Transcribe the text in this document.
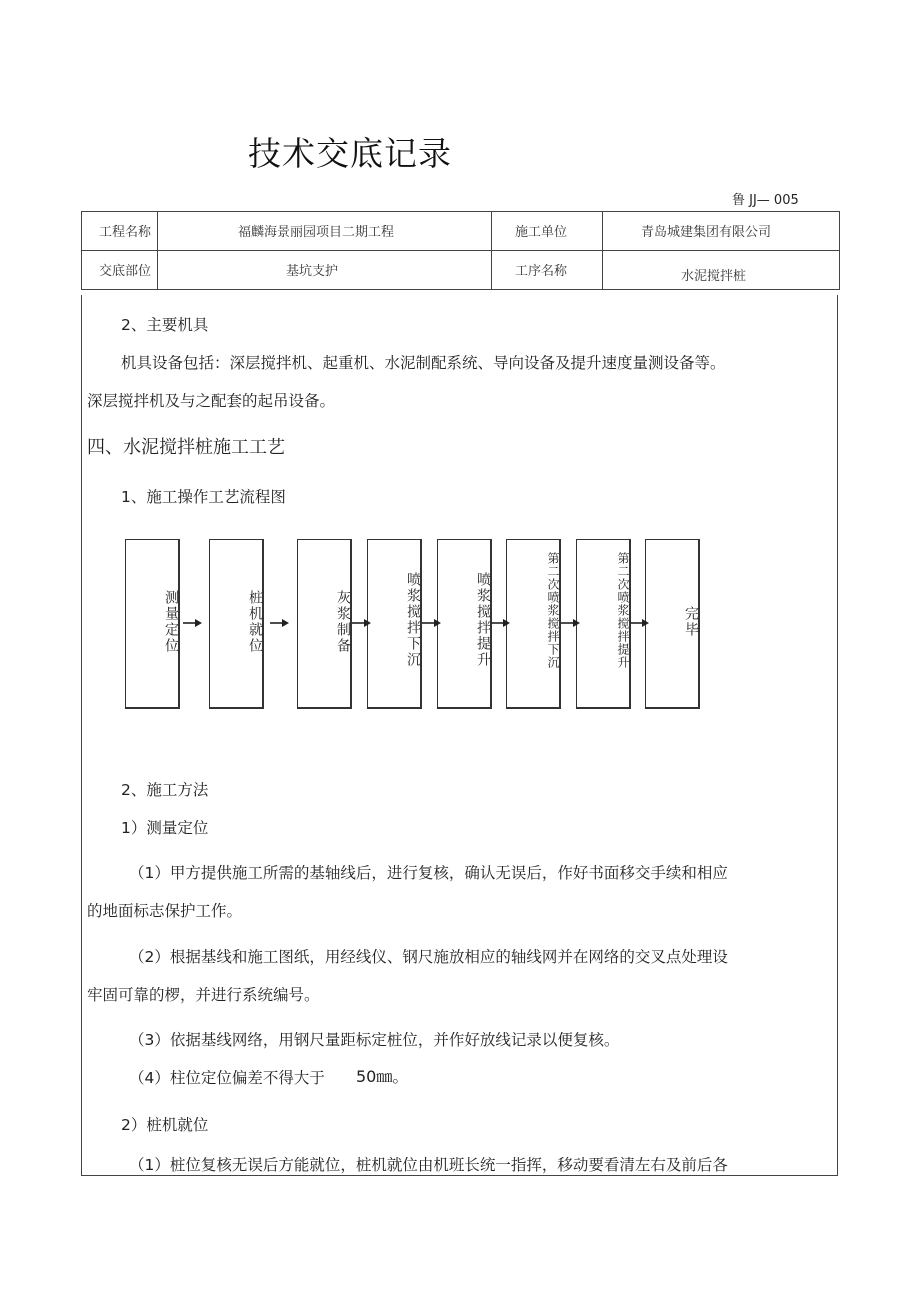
技术交底记录
鲁 JJ— 005
工程名称	福麟海景丽园项目二期工程	施工单位	青岛城建集团有限公司

交底部位	基坑支护	工序名称	水泥搅拌桩
2、主要机具
机具设备包括：深层搅拌机、起重机、水泥制配系统、导向设备及提升速度量测设备等。
深层搅拌机及与之配套的起吊设备。
四、水泥搅拌桩施工工艺
1、施工操作工艺流程图
测量定位	桩机就位	灰浆制备	喷浆搅拌下沉	喷浆搅拌提升	第二次喷浆搅拌下沉	第二次喷浆搅拌提升	完毕
2、施工方法
1）测量定位
（1）甲方提供施工所需的基轴线后，进行复核，确认无误后，作好书面移交手续和相应
的地面标志保护工作。
（2）根据基线和施工图纸，用经线仪、钢尺施放相应的轴线网并在网络的交叉点处理设
牢固可靠的椤，并进行系统编号。
（3）依据基线网络，用钢尺量距标定桩位，并作好放线记录以便复核。
（4）柱位定位偏差不得大于 50㎜。
2）桩机就位
（1）桩位复核无误后方能就位，桩机就位由机班长统一指挥，移动要看清左右及前后各
